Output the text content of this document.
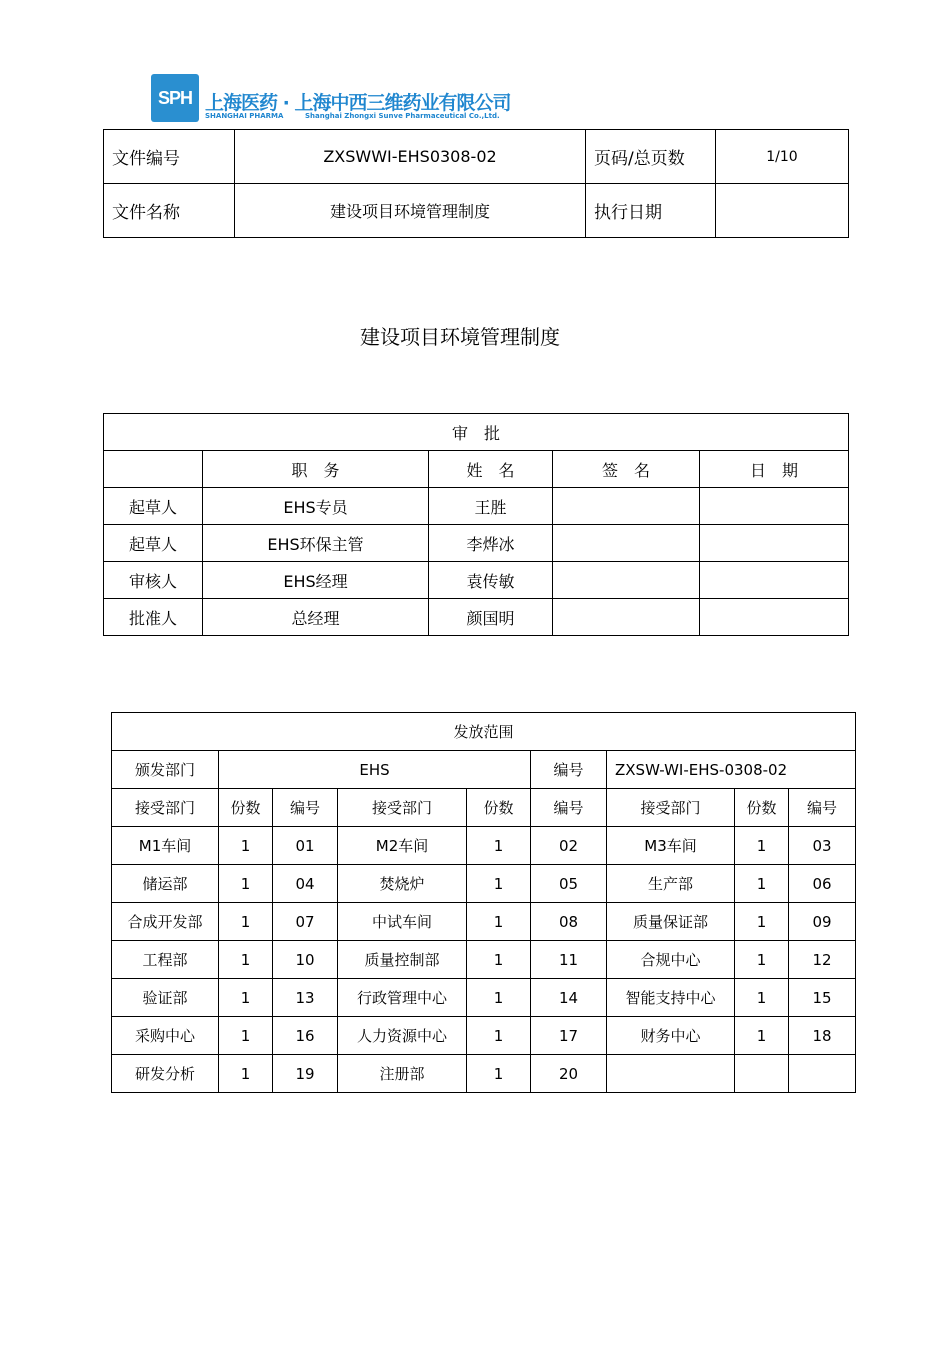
SPH 上海医药 · 上海中西三维药业有限公司
SHANGHAI PHARMA	Shanghai Zhongxi Sunve Pharmaceutical Co.,Ltd.
文件编号	ZXSWWI-EHS0308-02	页码/总页数	1/10
文件名称	建设项目环境管理制度	执行日期	
建设项目环境管理制度
审　批				
	职　务	姓　名	签　名	日　期
起草人	EHS专员	王胜		
起草人	EHS环保主管	李烨冰		
审核人	EHS经理	袁传敏		
批准人	总经理	颜国明		
发放范围								
颁发部门	EHS				编号	ZXSW-WI-EHS-0308-02		
接受部门	份数	编号	接受部门	份数	编号	接受部门	份数	编号
M1车间	1	01	M2车间	1	02	M3车间	1	03
储运部	1	04	焚烧炉	1	05	生产部	1	06
合成开发部	1	07	中试车间	1	08	质量保证部	1	09
工程部	1	10	质量控制部	1	11	合规中心	1	12
验证部	1	13	行政管理中心	1	14	智能支持中心	1	15
采购中心	1	16	人力资源中心	1	17	财务中心	1	18
研发分析	1	19	注册部	1	20			
